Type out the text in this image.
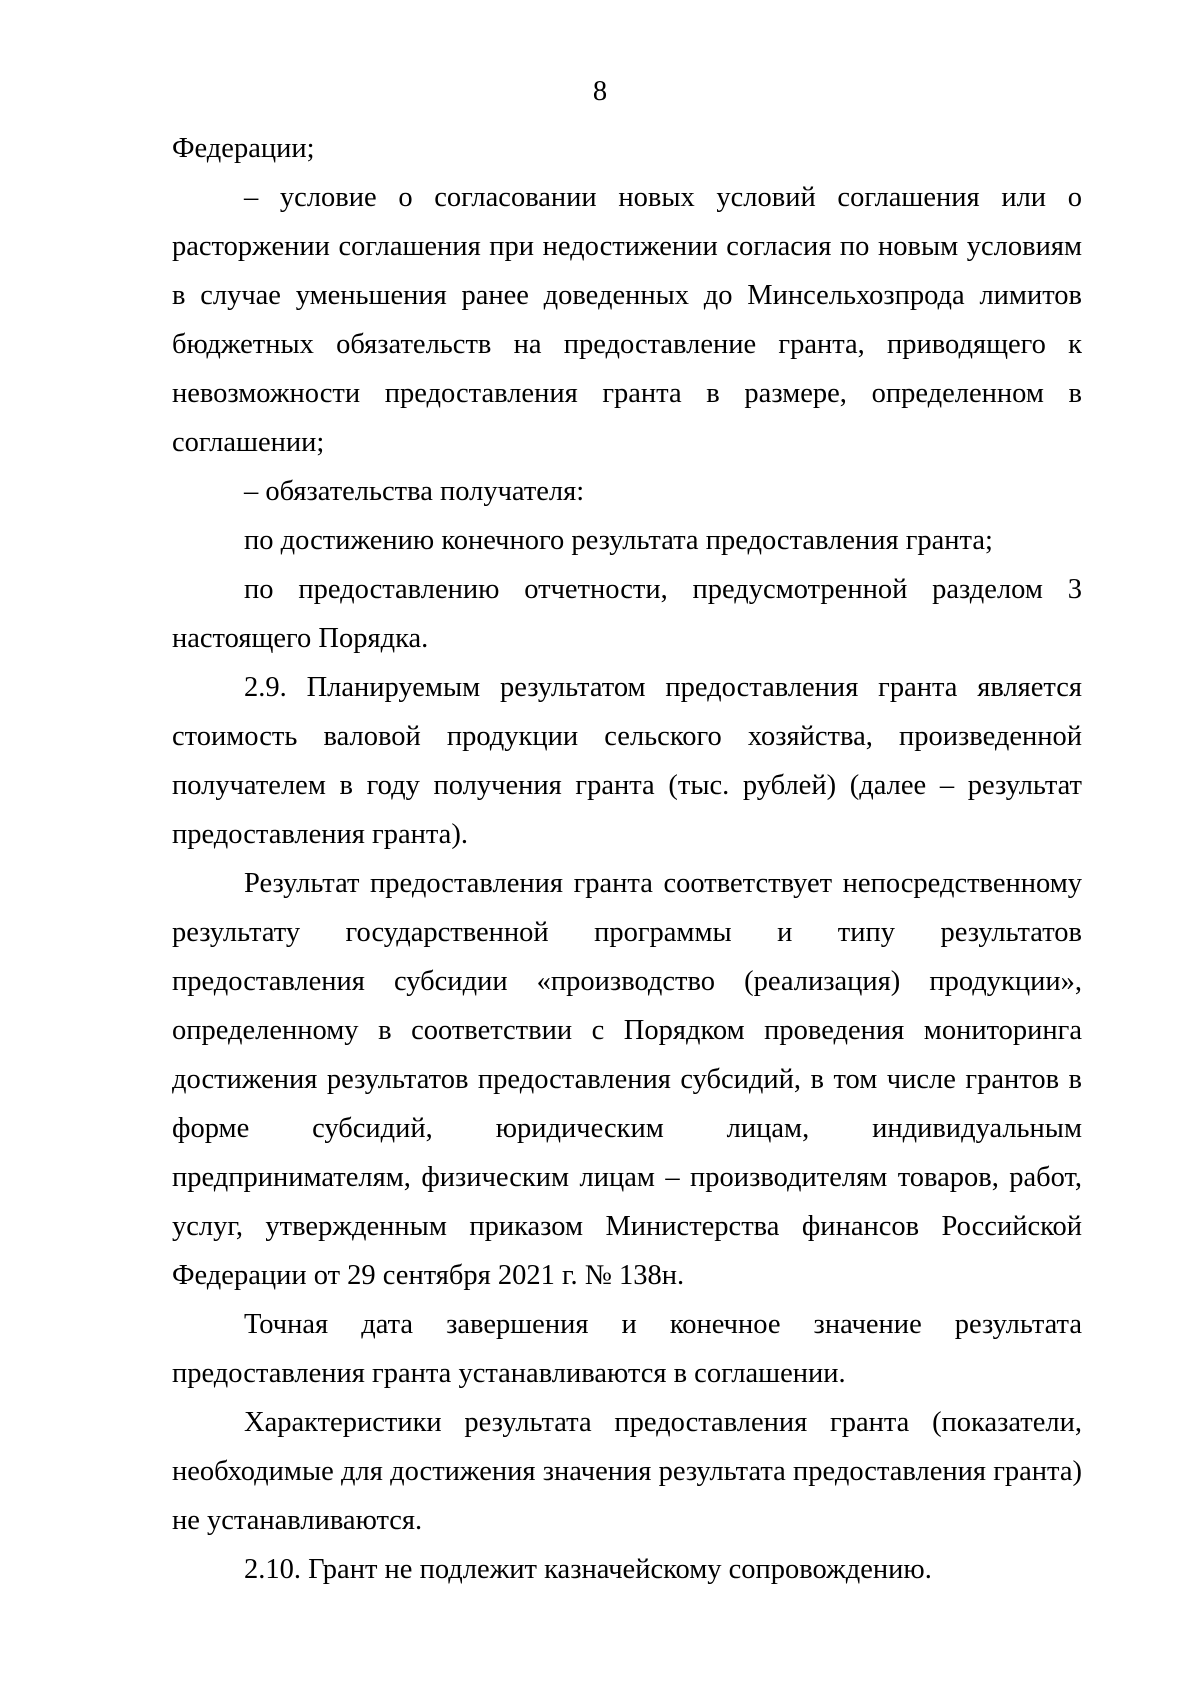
8

Федерации;

– условие о согласовании новых условий соглашения или о расторжении соглашения при недостижении согласия по новым условиям в случае уменьшения ранее доведенных до Минсельхозпрода лимитов бюджетных обязательств на предоставление гранта, приводящего к невозможности предоставления гранта в размере, определенном в соглашении;

– обязательства получателя:

по достижению конечного результата предоставления гранта;

по предоставлению отчетности, предусмотренной разделом 3 настоящего Порядка.

2.9. Планируемым результатом предоставления гранта является стоимость валовой продукции сельского хозяйства, произведенной получателем в году получения гранта (тыс. рублей) (далее – результат предоставления гранта).

Результат предоставления гранта соответствует непосредственному результату государственной программы и типу результатов предоставления субсидии «производство (реализация) продукции», определенному в соответствии с Порядком проведения мониторинга достижения результатов предоставления субсидий, в том числе грантов в форме субсидий, юридическим лицам, индивидуальным предпринимателям, физическим лицам – производителям товаров, работ, услуг, утвержденным приказом Министерства финансов Российской Федерации от 29 сентября 2021 г. № 138н.

Точная дата завершения и конечное значение результата предоставления гранта устанавливаются в соглашении.

Характеристики результата предоставления гранта (показатели, необходимые для достижения значения результата предоставления гранта) не устанавливаются.

2.10. Грант не подлежит казначейскому сопровождению.
